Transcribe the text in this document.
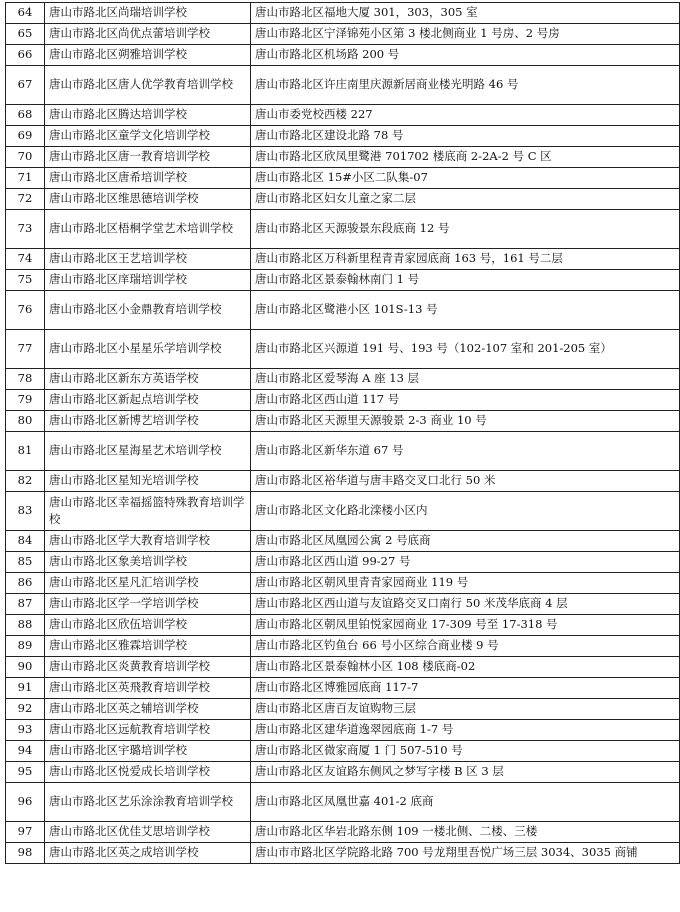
64	唐山市路北区尚瑞培训学校	唐山市路北区福地大厦 301，303，305 室
65	唐山市路北区尚优点蕾培训学校	唐山市路北区宁泽锦苑小区第 3 楼北侧商业 1 号房、2 号房
66	唐山市路北区朔雅培训学校	唐山市路北区机场路 200 号
67	唐山市路北区唐人优学教育培训学校	唐山市路北区许庄南里庆源新居商业楼光明路 46 号
68	唐山市路北区腾达培训学校	唐山市委党校西楼 227
69	唐山市路北区童学文化培训学校	唐山市路北区建设北路 78 号
70	唐山市路北区唐一教育培训学校	唐山市路北区欣凤里鹭港 701702 楼底商 2-2A-2 号 C 区
71	唐山市路北区唐希培训学校	唐山市路北区 15#小区二队集-07
72	唐山市路北区维思德培训学校	唐山市路北区妇女儿童之家二层
73	唐山市路北区梧桐学堂艺术培训学校	唐山市路北区天源骏景东段底商 12 号
74	唐山市路北区王艺培训学校	唐山市路北区万科新里程青青家园底商 163 号，161 号二层
75	唐山市路北区庠瑞培训学校	唐山市路北区景泰翰林南门 1 号
76	唐山市路北区小金鼎教育培训学校	唐山市路北区鹭港小区 101S-13 号
77	唐山市路北区小星星乐学培训学校	唐山市路北区兴源道 191 号、193 号（102-107 室和 201-205 室）
78	唐山市路北区新东方英语学校	唐山市路北区爱琴海 A 座 13 层
79	唐山市路北区新起点培训学校	唐山市路北区西山道 117 号
80	唐山市路北区新博艺培训学校	唐山市路北区天源里天源骏景 2-3 商业 10 号
81	唐山市路北区星海星艺术培训学校	唐山市路北区新华东道 67 号
82	唐山市路北区星知光培训学校	唐山市路北区裕华道与唐丰路交叉口北行 50 米
83	唐山市路北区幸福摇篮特殊教育培训学校	唐山市路北区文化路北滦楼小区内
84	唐山市路北区学大教育培训学校	唐山市路北区凤凰园公寓 2 号底商
85	唐山市路北区象美培训学校	唐山市路北区西山道 99-27 号
86	唐山市路北区星凡汇培训学校	唐山市路北区朝风里青青家园商业 119 号
87	唐山市路北区学一学培训学校	唐山市路北区西山道与友谊路交叉口南行 50 米茂华底商 4 层
88	唐山市路北区欣伍培训学校	唐山市路北区朝凤里铂悦家园商业 17-309 号至 17-318 号
89	唐山市路北区雅霖培训学校	唐山市路北区钓鱼台 66 号小区综合商业楼 9 号
90	唐山市路北区炎黄教育培训学校	唐山市路北区景泰翰林小区 108 楼底商-02
91	唐山市路北区英飛教育培训学校	唐山市路北区博雅园底商 117-7
92	唐山市路北区英之辅培训学校	唐山市路北区唐百友谊购物三层
93	唐山市路北区远航教育培训学校	唐山市路北区建华道逸翠园底商 1-7 号
94	唐山市路北区宇璐培训学校	唐山市路北区微家商厦 1 门 507-510 号
95	唐山市路北区悦爱成长培训学校	唐山市路北区友谊路东侧风之梦写字楼 B 区 3 层
96	唐山市路北区艺乐涂涂教育培训学校	唐山市路北区凤凰世嘉 401-2 底商
97	唐山市路北区优佳艾思培训学校	唐山市路北区华岩北路东侧 109 一楼北侧、二楼、三楼
98	唐山市路北区英之成培训学校	唐山市市路北区学院路北路 700 号龙翔里吾悦广场三层 3034、3035 商铺
